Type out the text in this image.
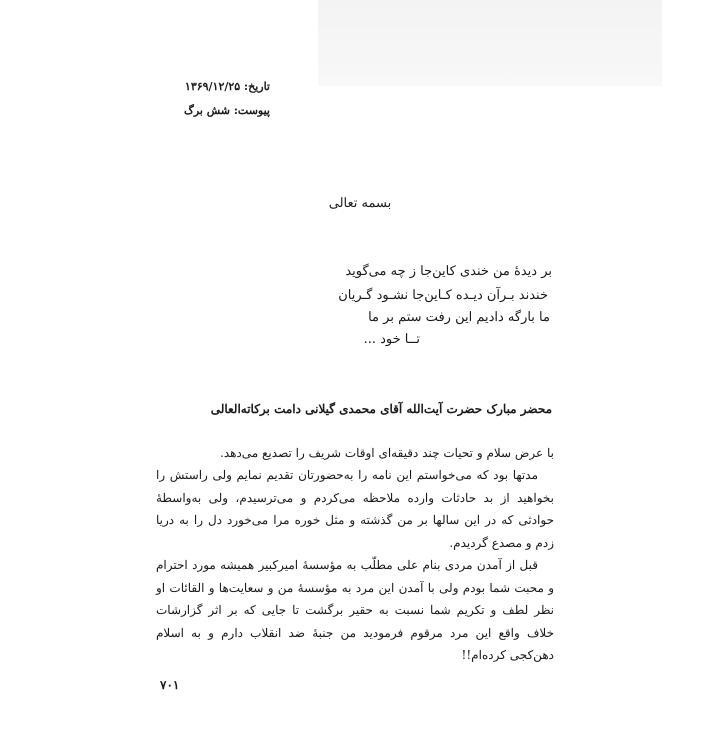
تاریخ: ۱۳۶۹/۱۲/۲۵
پیوست: شش برگ
بسمه تعالی
بر دیدهٔ من خندی کاین‌جا ز چه می‌گوید
خندند بـرآن دیـده کـاین‌جا نشـود گـریان
ما بارگه دادیم این رفت ستم بر ما
تــا خود ...
محضر مبارک حضرت آیت‌الله آقای محمدی گیلانی دامت برکاته‌العالی
با عرض سلام و تحیات چند دقیقه‌ای اوقات شریف را تصدیع می‌دهد.
مدتها بود که می‌خواستم این نامه را به‌حضورتان تقدیم نمایم ولی راستش را بخواهید از بد حادثات وارده ملاحظه می‌کردم و می‌ترسیدم، ولی به‌واسطهٔ حوادثی که در این سالها بر من گذشته و مثل خوره مرا می‌خورد دل را به دریا زدم و مصدع گردیدم.
قبل از آمدن مردی بنام علی مطلّب به مؤسسهٔ امیرکبیر همیشه مورد احترام و محبت شما بودم ولی با آمدن این مرد به مؤسسهٔ من و سعایت‌ها و القائات او نظر لطف و تکریم شما نسبت به حقیر برگشت تا جایی که بر اثر گزارشات خلاف واقع این مرد مرقوم فرمودید من جنبهٔ ضد انقلاب دارم و به اسلام دهن‌کجی کرده‌ام!!
۷۰۱
